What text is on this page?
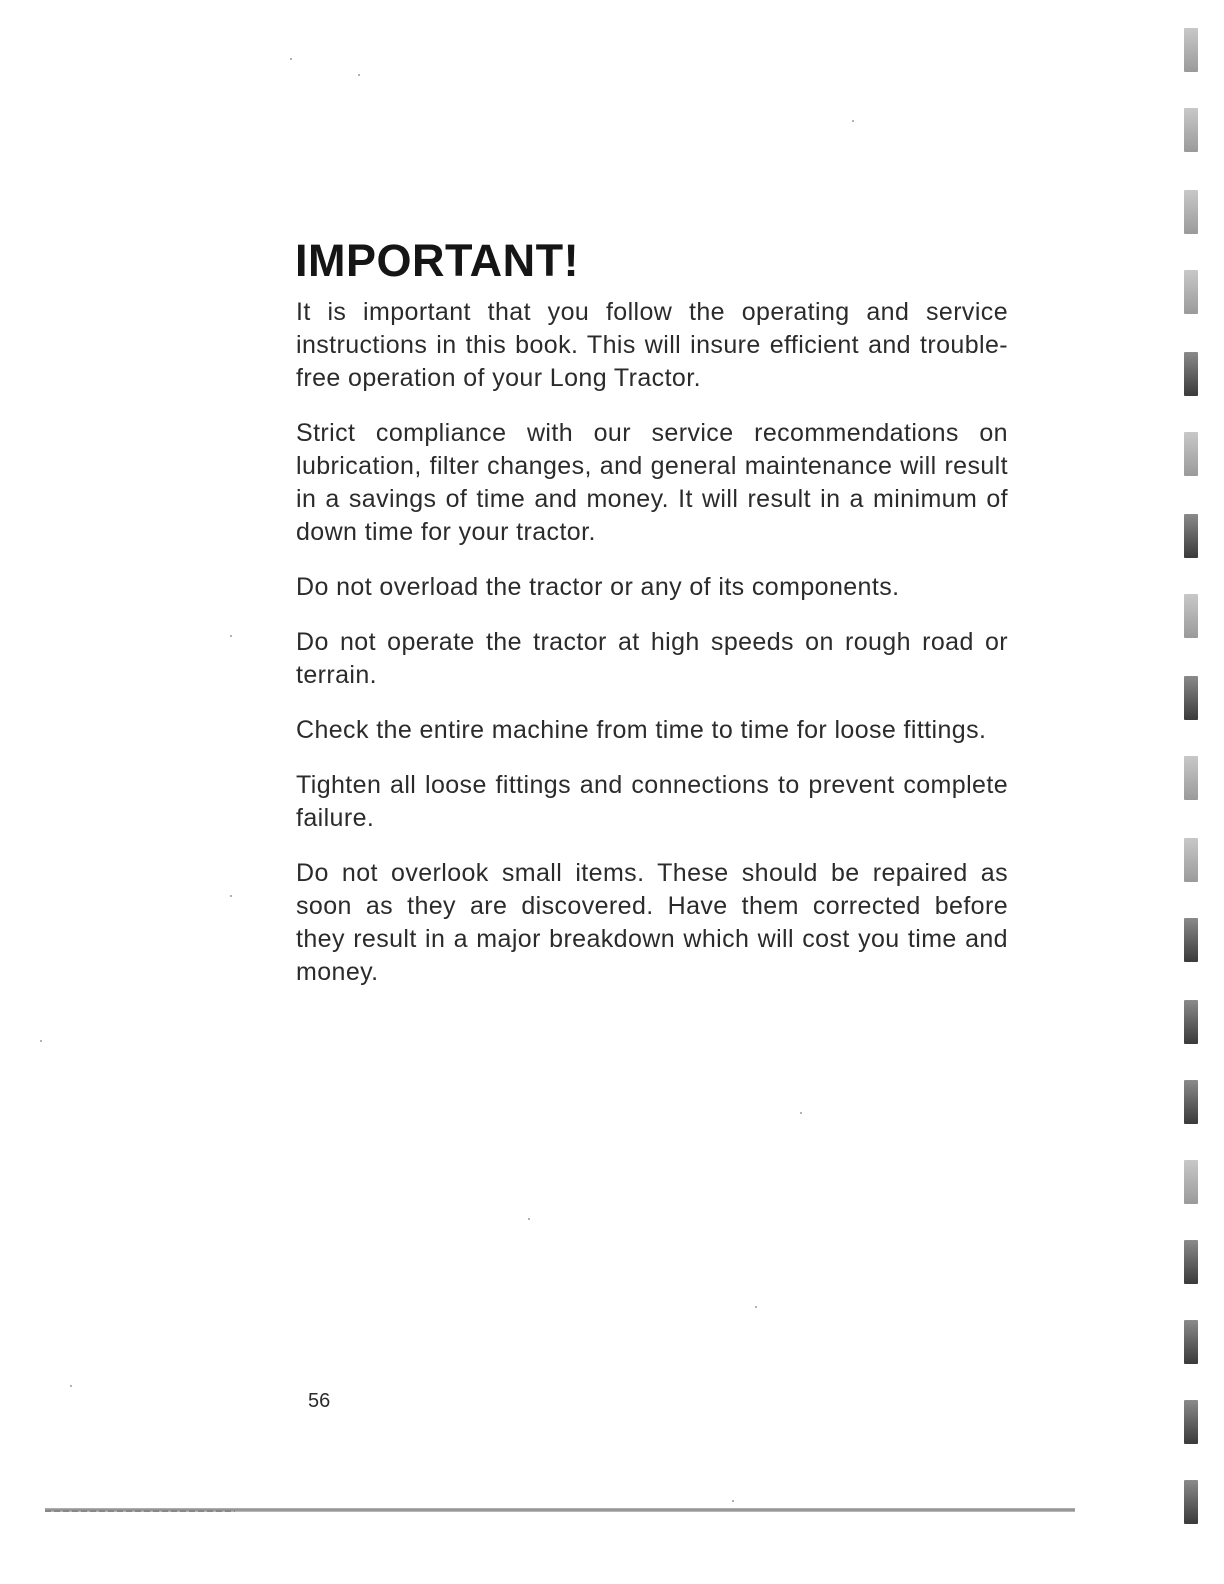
IMPORTANT!

It is important that you follow the operating and service instructions in this book. This will insure efficient and trouble-free operation of your Long Tractor.

Strict compliance with our service recommendations on lubrication, filter changes, and general maintenance will result in a savings of time and money. It will result in a minimum of down time for your tractor.

Do not overload the tractor or any of its components.

Do not operate the tractor at high speeds on rough road or terrain.

Check the entire machine from time to time for loose fittings.

Tighten all loose fittings and connections to prevent complete failure.

Do not overlook small items. These should be repaired as soon as they are discovered. Have them corrected before they result in a major breakdown which will cost you time and money.

56
